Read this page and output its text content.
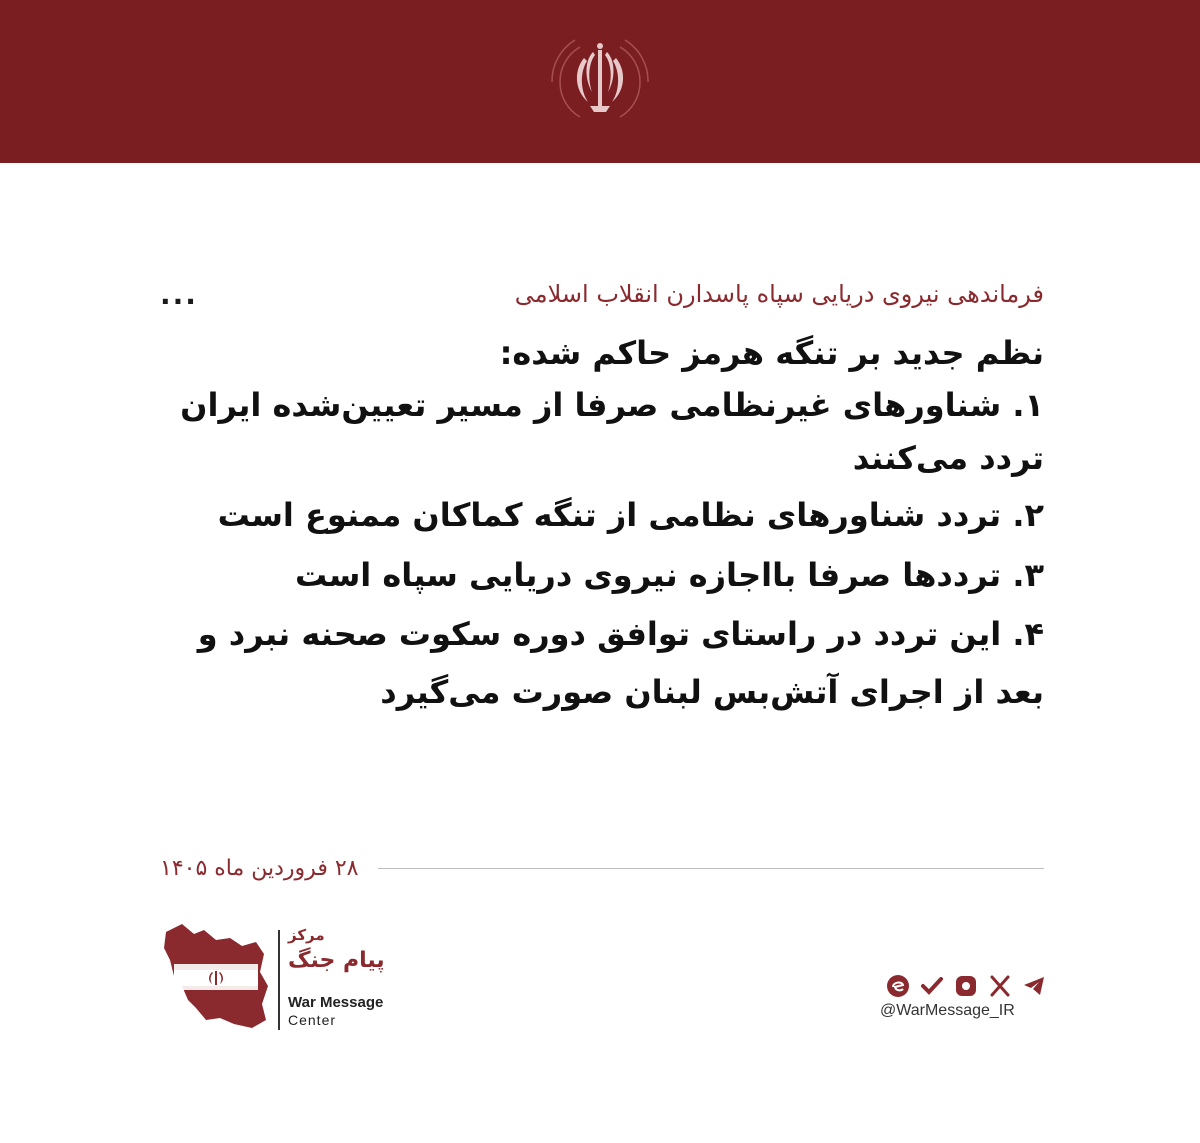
فرماندهی نیروی دریایی سپاه پاسدارن انقلاب اسلامی
...
نظم جدید بر تنگه هرمز حاکم شده:
۱. شناورهای غیرنظامی صرفا از مسیر تعیین‌شده ایران تردد می‌کنند
۲. تردد شناورهای نظامی از تنگه کماکان ممنوع است
۳. ترددها صرفا بااجازه نیروی دریایی سپاه است
۴. این تردد در راستای توافق دوره سکوت صحنه نبرد و بعد از اجرای آتش‌بس لبنان صورت می‌گیرد
۲۸ فروردین ماه ۱۴۰۵
مرکز
پیام جنگ
War Message
Center
@WarMessage_IR
